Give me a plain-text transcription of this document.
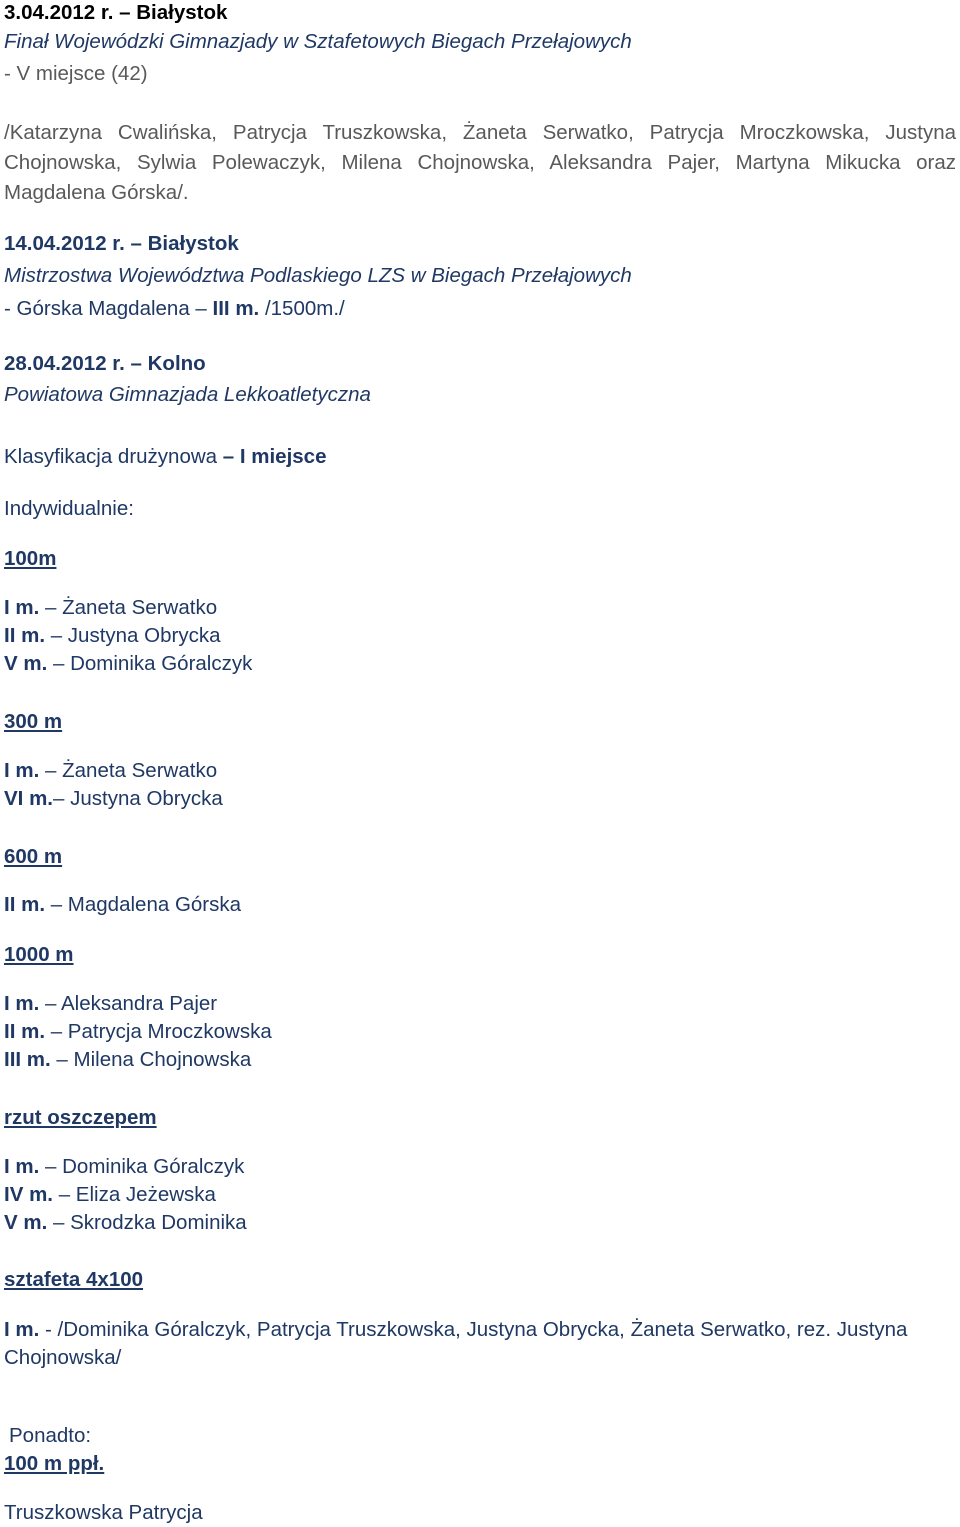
3.04.2012 r. – Białystok

Finał Wojewódzki Gimnazjady w Sztafetowych Biegach Przełajowych

- V miejsce (42)

/Katarzyna Cwalińska, Patrycja Truszkowska, Żaneta Serwatko, Patrycja Mroczkowska, Justyna Chojnowska, Sylwia Polewaczyk, Milena Chojnowska, Aleksandra Pajer, Martyna Mikucka oraz Magdalena Górska/.

14.04.2012 r. – Białystok

Mistrzostwa Województwa Podlaskiego LZS w Biegach Przełajowych

- Górska Magdalena – III m. /1500m./

28.04.2012 r. – Kolno

Powiatowa Gimnazjada Lekkoatletyczna

Klasyfikacja drużynowa – I miejsce

Indywidualnie:

100m

I m. – Żaneta Serwatko

II m. – Justyna Obrycka

V m. – Dominika Góralczyk

300 m

I m. – Żaneta Serwatko

VI m.– Justyna Obrycka

600 m

II m. – Magdalena Górska

1000 m

I m. – Aleksandra Pajer

II m. – Patrycja Mroczkowska

III m. – Milena Chojnowska

rzut oszczepem

I m. – Dominika Góralczyk

IV m. – Eliza Jeżewska

V m. – Skrodzka Dominika

sztafeta 4x100

I m. - /Dominika Góralczyk, Patrycja Truszkowska, Justyna Obrycka, Żaneta Serwatko, rez. Justyna Chojnowska/

Ponadto:

100 m ppł.

Truszkowska Patrycja
